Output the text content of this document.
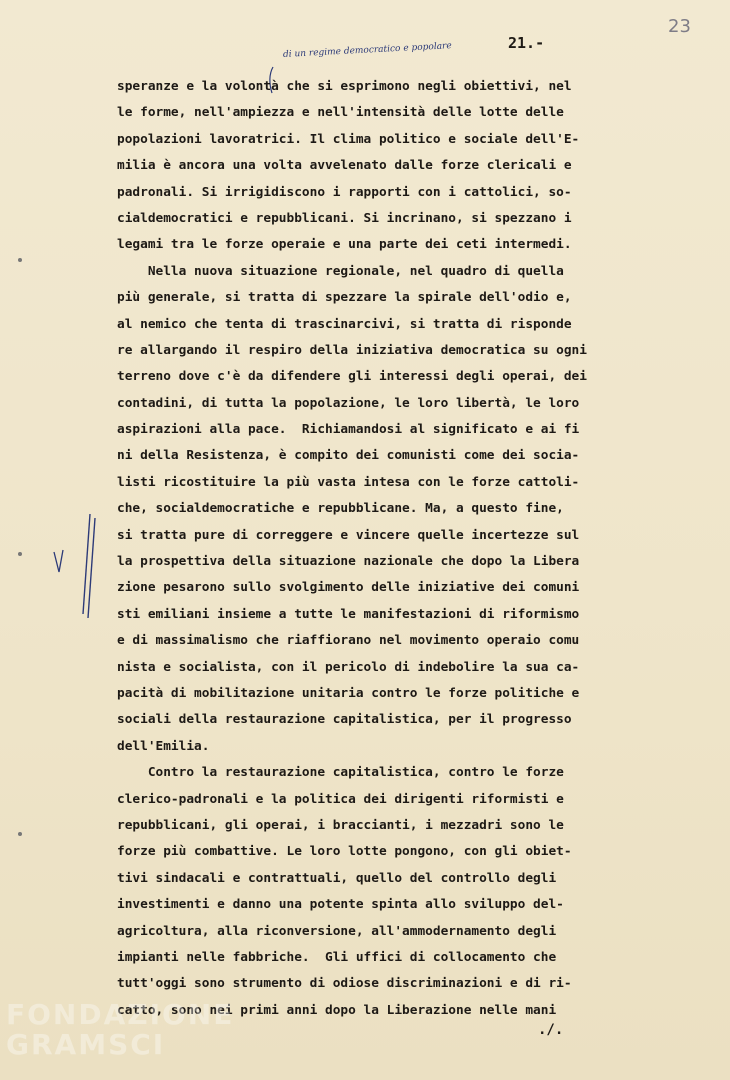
23
21.-
di un regime democratico e popolare
speranze e la volontà che si esprimono negli obiettivi, nel
le forme, nell'ampiezza e nell'intensità delle lotte delle
popolazioni lavoratrici. Il clima politico e sociale dell'E-
milia è ancora una volta avvelenato dalle forze clericali e
padronali. Si irrigidiscono i rapporti con i cattolici, so-
cialdemocratici e repubblicani. Si incrinano, si spezzano i
legami tra le forze operaie e una parte dei ceti intermedi.
Nella nuova situazione regionale, nel quadro di quella
più generale, si tratta di spezzare la spirale dell'odio e,
al nemico che tenta di trascinarcivi, si tratta di risponde
re allargando il respiro della iniziativa democratica su ogni
terreno dove c'è da difendere gli interessi degli operai, dei
contadini, di tutta la popolazione, le loro libertà, le loro
aspirazioni alla pace.  Richiamandosi al significato e ai fi
ni della Resistenza, è compito dei comunisti come dei socia-
listi ricostituire la più vasta intesa con le forze cattoli-
che, socialdemocratiche e repubblicane. Ma, a questo fine,
si tratta pure di correggere e vincere quelle incertezze sul
la prospettiva della situazione nazionale che dopo la Libera
zione pesarono sullo svolgimento delle iniziative dei comuni
sti emiliani insieme a tutte le manifestazioni di riformismo
e di massimalismo che riaffiorano nel movimento operaio comu
nista e socialista, con il pericolo di indebolire la sua ca-
pacità di mobilitazione unitaria contro le forze politiche e
sociali della restaurazione capitalistica, per il progresso
dell'Emilia.
Contro la restaurazione capitalistica, contro le forze
clerico-padronali e la politica dei dirigenti riformisti e
repubblicani, gli operai, i braccianti, i mezzadri sono le
forze più combattive. Le loro lotte pongono, con gli obiet-
tivi sindacali e contrattuali, quello del controllo degli
investimenti e danno una potente spinta allo sviluppo del-
agricoltura, alla riconversione, all'ammodernamento degli
impianti nelle fabbriche.  Gli uffici di collocamento che
tutt'oggi sono strumento di odiose discriminazioni e di ri-
catto, sono nei primi anni dopo la Liberazione nelle mani
./.
FONDAZIONE
GRAMSCI
